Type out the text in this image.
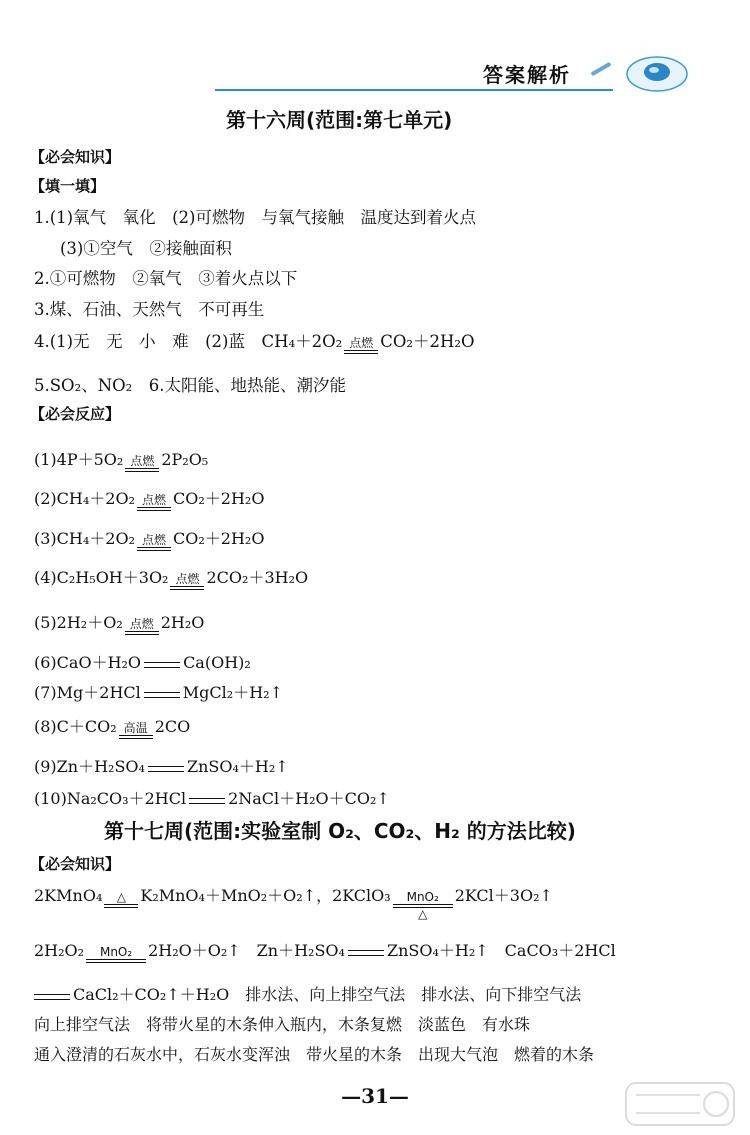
答案解析
第十六周(范围:第七单元)
【必会知识】
【填一填】
1.(1)氧气　氧化　(2)可燃物　与氧气接触　温度达到着火点
(3)①空气　②接触面积
2.①可燃物　②氧气　③着火点以下
3.煤、石油、天然气　不可再生
4.(1)无　无　小　难　(2)蓝　CH₄＋2O₂ 点燃 CO₂＋2H₂O
5.SO₂、NO₂　6.太阳能、地热能、潮汐能
【必会反应】
(1)4P＋5O₂ 点燃 2P₂O₅
(2)CH₄＋2O₂ 点燃 CO₂＋2H₂O
(3)CH₄＋2O₂ 点燃 CO₂＋2H₂O
(4)C₂H₅OH＋3O₂ 点燃 2CO₂＋3H₂O
(5)2H₂＋O₂ 点燃 2H₂O
(6)CaO＋H₂O	Ca(OH)₂
(7)Mg＋2HCl	MgCl₂＋H₂↑
(8)C＋CO₂ 高温 2CO
(9)Zn＋H₂SO₄	ZnSO₄＋H₂↑
(10)Na₂CO₃＋2HCl	2NaCl＋H₂O＋CO₂↑
第十七周(范围:实验室制 O₂、CO₂、H₂ 的方法比较)
【必会知识】
2KMnO₄ △ K₂MnO₄＋MnO₂＋O₂↑，2KClO₃ MnO₂
△
2KCl＋3O₂↑
2H₂O₂ MnO₂ 2H₂O＋O₂↑　Zn＋H₂SO₄	ZnSO₄＋H₂↑　CaCO₃＋2HCl
CaCl₂＋CO₂↑＋H₂O　排水法、向上排空气法　排水法、向下排空气法
向上排空气法　将带火星的木条伸入瓶内，木条复燃　淡蓝色　有水珠
通入澄清的石灰水中，石灰水变浑浊　带火星的木条　出现大气泡　燃着的木条
—31—
